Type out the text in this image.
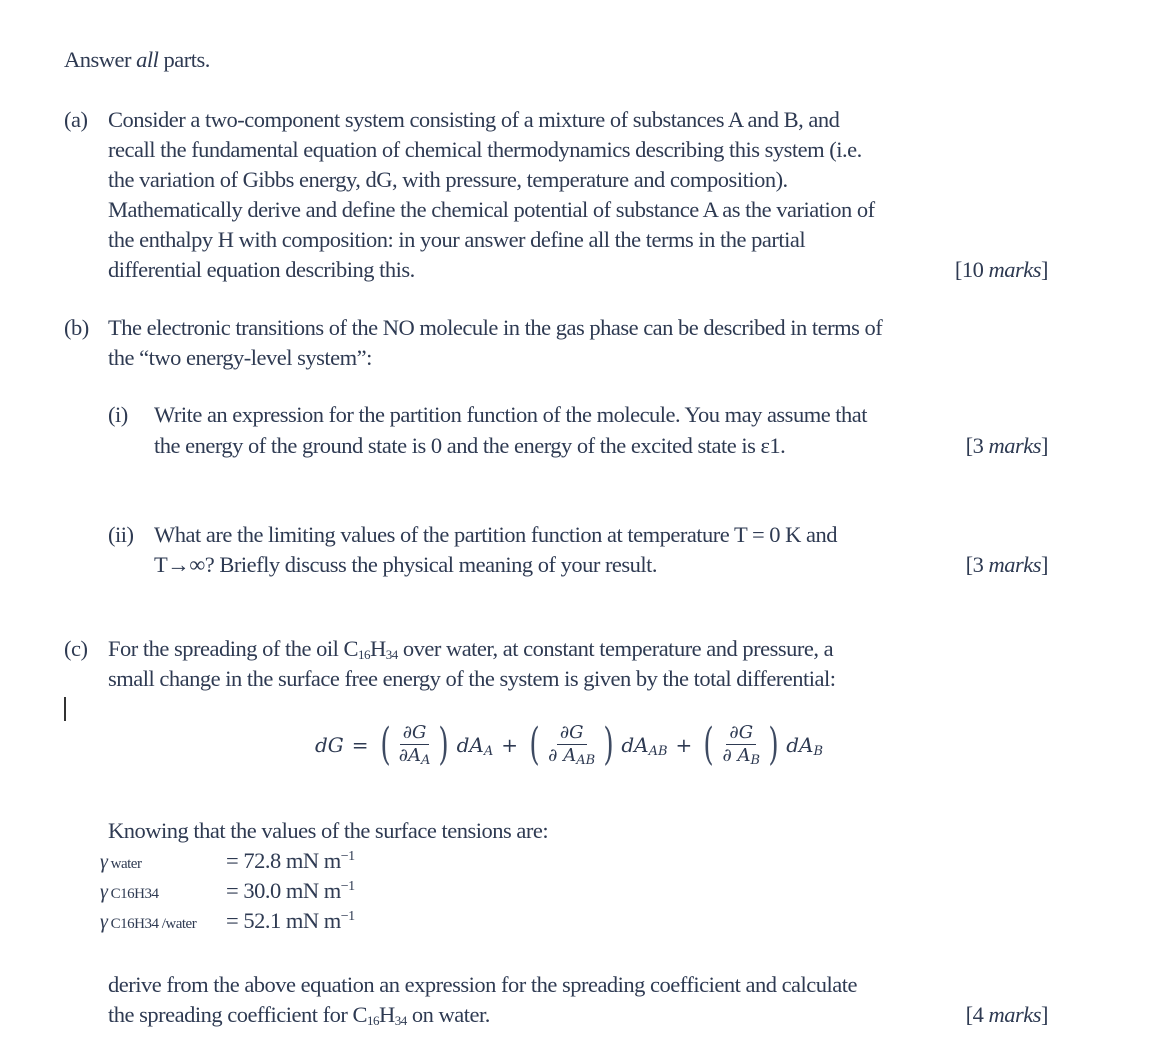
Answer all parts.
(a) Consider a two-component system consisting of a mixture of substances A and B, and
recall the fundamental equation of chemical thermodynamics describing this system (i.e.
the variation of Gibbs energy, dG, with pressure, temperature and composition).
Mathematically derive and define the chemical potential of substance A as the variation of
the enthalpy H with composition: in your answer define all the terms in the partial
differential equation describing this.	[10 marks]
(b) The electronic transitions of the NO molecule in the gas phase can be described in terms of
the “two energy-level system”:
(i) Write an expression for the partition function of the molecule. You may assume that
the energy of the ground state is 0 and the energy of the excited state is ε1.	[3 marks]
(ii) What are the limiting values of the partition function at temperature T = 0 K and
T→∞? Briefly discuss the physical meaning of your result.	[3 marks]
(c) For the spreading of the oil $C_{16}H_{34}$ over water, at constant temperature and pressure, a
small change in the surface free energy of the system is given by the total differential:
dG = ( $\frac{\partial G}{\partial A_A}$ ) $dA_A$ + ( $\frac{\partial G}{\partial A_{AB}}$ ) $dA_{AB}$ + ( $\frac{\partial G}{\partial A_B}$ ) $dA_B$
Knowing that the values of the surface tensions are:
γ water	= 72.8 mN $m^{-1}$
γ C16H34	= 30.0 mN $m^{-1}$
γ C16H34 /water = 52.1 mN $m^{-1}$
derive from the above equation an expression for the spreading coefficient and calculate
the spreading coefficient for $C_{16}H_{34}$ on water.	[4 marks]
